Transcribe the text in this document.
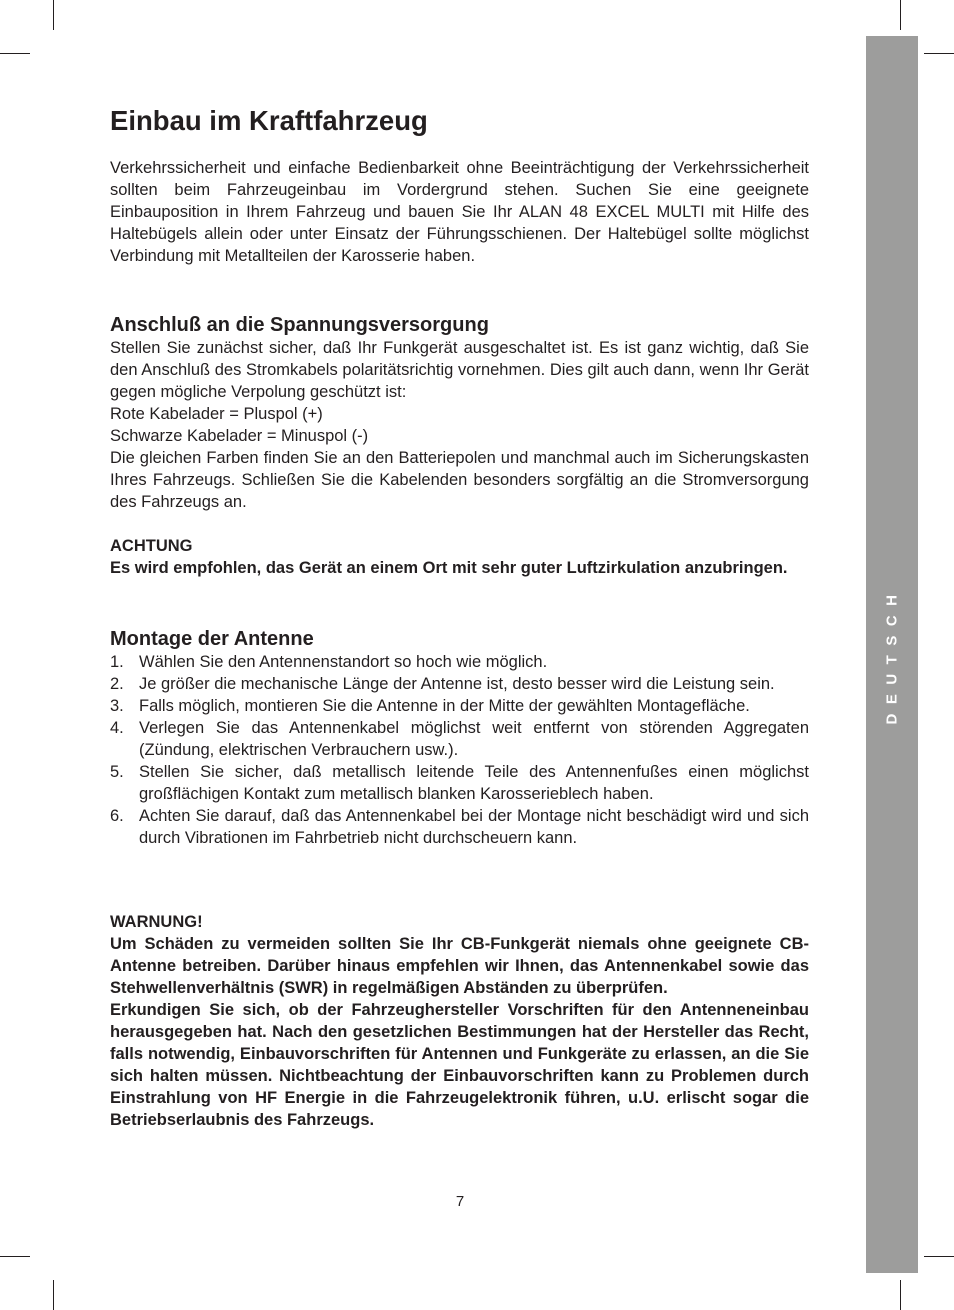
DEUTSCH
Einbau im Kraftfahrzeug

Verkehrssicherheit und einfache Bedienbarkeit ohne Beeinträchtigung der Verkehrssicherheit sollten beim Fahrzeugeinbau im Vordergrund stehen. Suchen Sie eine geeignete Einbauposition in Ihrem Fahrzeug und bauen Sie Ihr ALAN 48 EXCEL MULTI mit Hilfe des Haltebügels allein oder unter Einsatz der Führungsschienen. Der Haltebügel sollte möglichst Verbindung mit Metallteilen der Karosserie haben.

Anschluß an die Spannungsversorgung

Stellen Sie zunächst sicher, daß Ihr Funkgerät ausgeschaltet ist. Es ist ganz wichtig, daß Sie den Anschluß des Stromkabels polaritätsrichtig vornehmen. Dies gilt auch dann, wenn Ihr Gerät gegen mögliche Verpolung geschützt ist:

Rote Kabelader = Pluspol (+)

Schwarze Kabelader = Minuspol (-)

Die gleichen Farben finden Sie an den Batteriepolen und manchmal auch im Sicherungskasten Ihres Fahrzeugs. Schließen Sie die Kabelenden besonders sorgfältig an die Stromversorgung des Fahrzeugs an.

ACHTUNG

Es wird empfohlen, das Gerät an einem Ort mit sehr guter Luftzirkulation anzubringen.

Montage der Antenne
1. Wählen Sie den Antennenstandort so hoch wie möglich.
2. Je größer die mechanische Länge der Antenne ist, desto besser wird die Leistung sein.
3. Falls möglich, montieren Sie die Antenne in der Mitte der gewählten Montagefläche.
4. Verlegen Sie das Antennenkabel möglichst weit entfernt von störenden Aggregaten (Zündung, elektrischen Verbrauchern usw.).
5. Stellen Sie sicher, daß metallisch leitende Teile des Antennenfußes einen möglichst großflächigen Kontakt zum metallisch blanken Karosserieblech haben.
6. Achten Sie darauf, daß das Antennenkabel bei der Montage nicht beschädigt wird und sich durch Vibrationen im Fahrbetrieb nicht durchscheuern kann.

WARNUNG!

Um Schäden zu vermeiden sollten Sie Ihr CB-Funkgerät niemals ohne geeignete CB-Antenne betreiben. Darüber hinaus empfehlen wir Ihnen, das Antennenkabel sowie das Stehwellenverhältnis (SWR) in regelmäßigen Abständen zu überprüfen.

Erkundigen Sie sich, ob der Fahrzeughersteller Vorschriften für den Antenneneinbau herausgegeben hat. Nach den gesetzlichen Bestimmungen hat der Hersteller das Recht, falls notwendig, Einbauvorschriften für Antennen und Funkgeräte zu erlassen, an die Sie sich halten müssen. Nichtbeachtung der Einbauvorschriften kann zu Problemen durch Einstrahlung von HF Energie in die Fahrzeugelektronik führen, u.U. erlischt sogar die Betriebserlaubnis des Fahrzeugs.

7
